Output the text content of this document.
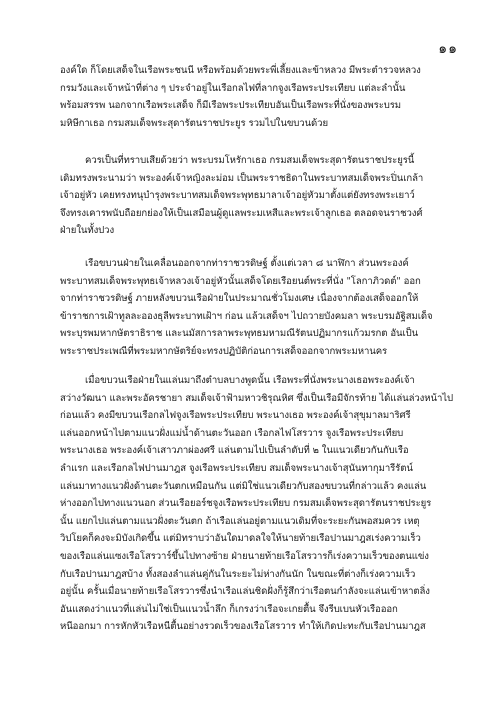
๑๑
องค์ใด ก็โดยเสด็จในเรือพระชนนี หรือพร้อมด้วยพระพี่เลี้ยงและข้าหลวง มีพระตำรวจหลวง
กรมวังและเจ้าหน้าที่ต่าง ๆ ประจำอยู่ในเรือกลไฟที่ลากจูงเรือพระประเทียบ แต่ละลำนั้น
พร้อมสรรพ นอกจากเรือพระเสด็จ ก็มีเรือพระประเทียบอันเป็นเรือพระที่นั่งของพระบรม
มหิษีกาเธอ กรมสมเด็จพระสุดารัตนราชประยูร รวมไปในขบวนด้วย
ควรเป็นที่ทราบเสียด้วยว่า พระบรมโหรักาเธอ กรมสมเด็จพระสุดารัตนราชประยูรนี้
เดิมทรงพระนามว่า พระองค์เจ้าหญิงละม่อม เป็นพระราชธิดาในพระบาทสมเด็จพระปิ่นเกล้า
เจ้าอยู่หัว เคยทรงทนุบำรุงพระบาทสมเด็จพระพุทธมาลาเจ้าอยู่หัวมาตั้งแต่ยังทรงพระเยาว์
จึงทรงเคารพนับถือยกย่องให้เป็นเสมือนผู้ดูแลพระมเหสีและพระเจ้าลูกเธอ ตลอดจนราชวงศ์
ฝ่ายในทั้งปวง
เรือขบวนฝ่ายในเคลื่อนออกจากท่าราชวรดิษฐ์ ตั้งแต่เวลา ๘ นาฬิกา ส่วนพระองค์
พระบาทสมเด็จพระพุทธเจ้าหลวงเจ้าอยู่หัวนั้นเสด็จโดยเรือยนต์พระที่นั่ง "โลกาภิวดต์" ออก
จากท่าราชวรดิษฐ์ ภายหลังขบวนเรือฝ่ายในประมาณชั่วโมงเศษ เนื่องจากต้องเสด็จออกให้
ข้าราชการเฝ้าทูลละอองธุลีพระบาทเฝ้าฯ ก่อน แล้วเสด็จฯ ไปถวายบังคมลา พระบรมอัฐิสมเด็จ
พระบุรพมหากษัตราธิราช และนมัสการลาพระพุทธมหามณีรัตนปฏิมากรแก้วมรกต อันเป็น
พระราชประเพณีที่พระมหากษัตริย์จะทรงปฏิบัติก่อนการเสด็จออกจากพระมหานคร
เมื่อขบวนเรือฝ่ายในแล่นมาถึงตำบลบางพูดนั้น เรือพระที่นั่งพระนางเธอพระองค์เจ้า
สว่างวัฒนา และพระอัครชายา สมเด็จเจ้าฟ้ามหาวชิรุณหิศ ซึ่งเป็นเรือมีจักรท้าย ได้แล่นล่วงหน้าไป
ก่อนแล้ว คงมีขบวนเรือกลไฟจูงเรือพระประเทียบ พระนางเธอ พระองค์เจ้าสุขุมาลมาริศรี
แล่นออกหน้าไปตามแนวฝั่งแม่น้ำด้านตะวันออก เรือกลไฟโสรวาร จูงเรือพระประเทียบ
พระนางเธอ พระองค์เจ้าเสาวภาผ่องศรี แล่นตามไปเป็นลำดับที่ ๒ ในแนวเดียวกันกับเรือ
ลำแรก และเรือกลไฟปานมาฎส จูงเรือพระประเทียบ สมเด็จพระนางเจ้าสุนันทากุมารีรัตน์
แล่นมาทางแนวฝั่งด้านตะวันตกเหมือนกัน แต่มิใช่แนวเดียวกับสองขบวนที่กล่าวแล้ว คงแล่น
ห่างออกไปทางแนวนอก ส่วนเรือยอร์ชจูงเรือพระประเทียบ กรมสมเด็จพระสุดารัตนราชประยูร
นั้น แยกไปแล่นตามแนวฝั่งตะวันตก ถ้าเรือแล่นอยู่ตามแนวเดิมที่จะระยะกันพอสมควร เหตุ
วิปโยคก็คงจะมิบังเกิดขึ้น แต่มิทราบว่าอันใดมาดลใจให้นายท้ายเรือปานมาฎสเร่งความเร็ว
ของเรือแล่นแซงเรือโสรวาร์ขึ้นไปทางซ้าย ฝ่ายนายท้ายเรือโสรวารก็เร่งความเร็วของตนแข่ง
กับเรือปานมาฎสบ้าง ทั้งสองลำแล่นคู่กันในระยะไม่ห่างกันนัก ในขณะที่ต่างก็เร่งความเร็ว
อยู่นั้น ครั้นเมื่อนายท้ายเรือโสรวารซึ่งนำเรือแล่นชิดฝั่งก็รู้สึกว่าเรือตนกำลังจะแล่นเข้าหาตลิ่ง
อันแสดงว่าแนวที่แล่นไม่ใช่เป็นแนวน้ำลึก ก็เกรงว่าเรือจะเกยตื้น จึงรีบเบนหัวเรือออก
หนีออกมา การหักหัวเรือหนีตื้นอย่างรวดเร็วของเรือโสรวาร ทำให้เกิดปะทะกับเรือปานมาฎส
